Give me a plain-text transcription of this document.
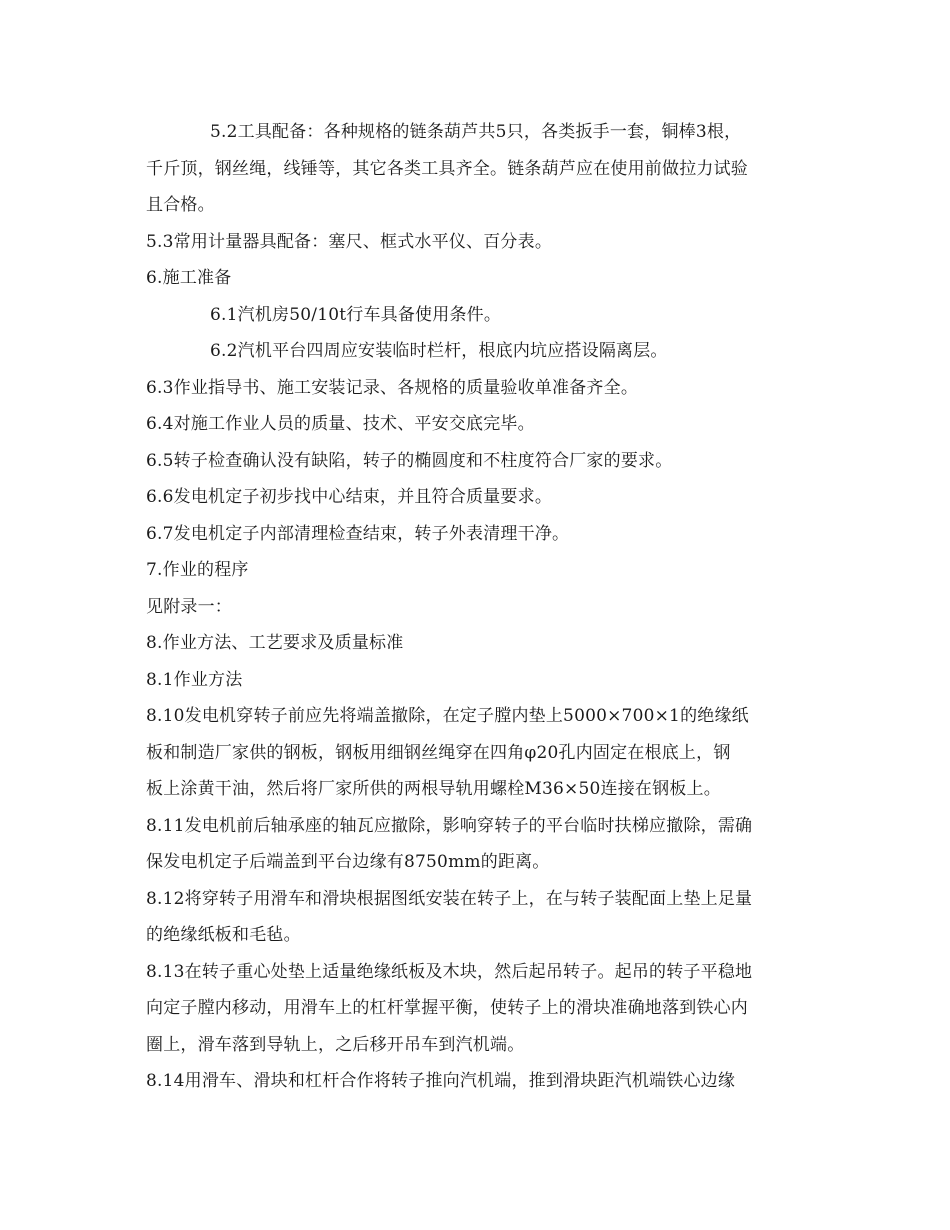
5.2工具配备：各种规格的链条葫芦共5只，各类扳手一套，铜棒3根，

千斤顶，钢丝绳，线锤等，其它各类工具齐全。链条葫芦应在使用前做拉力试验

且合格。

5.3常用计量器具配备：塞尺、框式水平仪、百分表。

6.施工准备

6.1汽机房50/10t行车具备使用条件。

6.2汽机平台四周应安装临时栏杆，根底内坑应搭设隔离层。

6.3作业指导书、施工安装记录、各规格的质量验收单准备齐全。

6.4对施工作业人员的质量、技术、平安交底完毕。

6.5转子检查确认没有缺陷，转子的椭圆度和不柱度符合厂家的要求。

6.6发电机定子初步找中心结束，并且符合质量要求。

6.7发电机定子内部清理检查结束，转子外表清理干净。

7.作业的程序

见附录一：

8.作业方法、工艺要求及质量标准

8.1作业方法

8.10发电机穿转子前应先将端盖撤除，在定子膛内垫上5000×700×1的绝缘纸

板和制造厂家供的钢板，钢板用细钢丝绳穿在四角φ20孔内固定在根底上，钢

板上涂黄干油，然后将厂家所供的两根导轨用螺栓M36×50连接在钢板上。

8.11发电机前后轴承座的轴瓦应撤除，影响穿转子的平台临时扶梯应撤除，需确

保发电机定子后端盖到平台边缘有8750mm的距离。

8.12将穿转子用滑车和滑块根据图纸安装在转子上，在与转子装配面上垫上足量

的绝缘纸板和毛毡。

8.13在转子重心处垫上适量绝缘纸板及木块，然后起吊转子。起吊的转子平稳地

向定子膛内移动，用滑车上的杠杆掌握平衡，使转子上的滑块准确地落到铁心内

圈上，滑车落到导轨上，之后移开吊车到汽机端。

8.14用滑车、滑块和杠杆合作将转子推向汽机端，推到滑块距汽机端铁心边缘
